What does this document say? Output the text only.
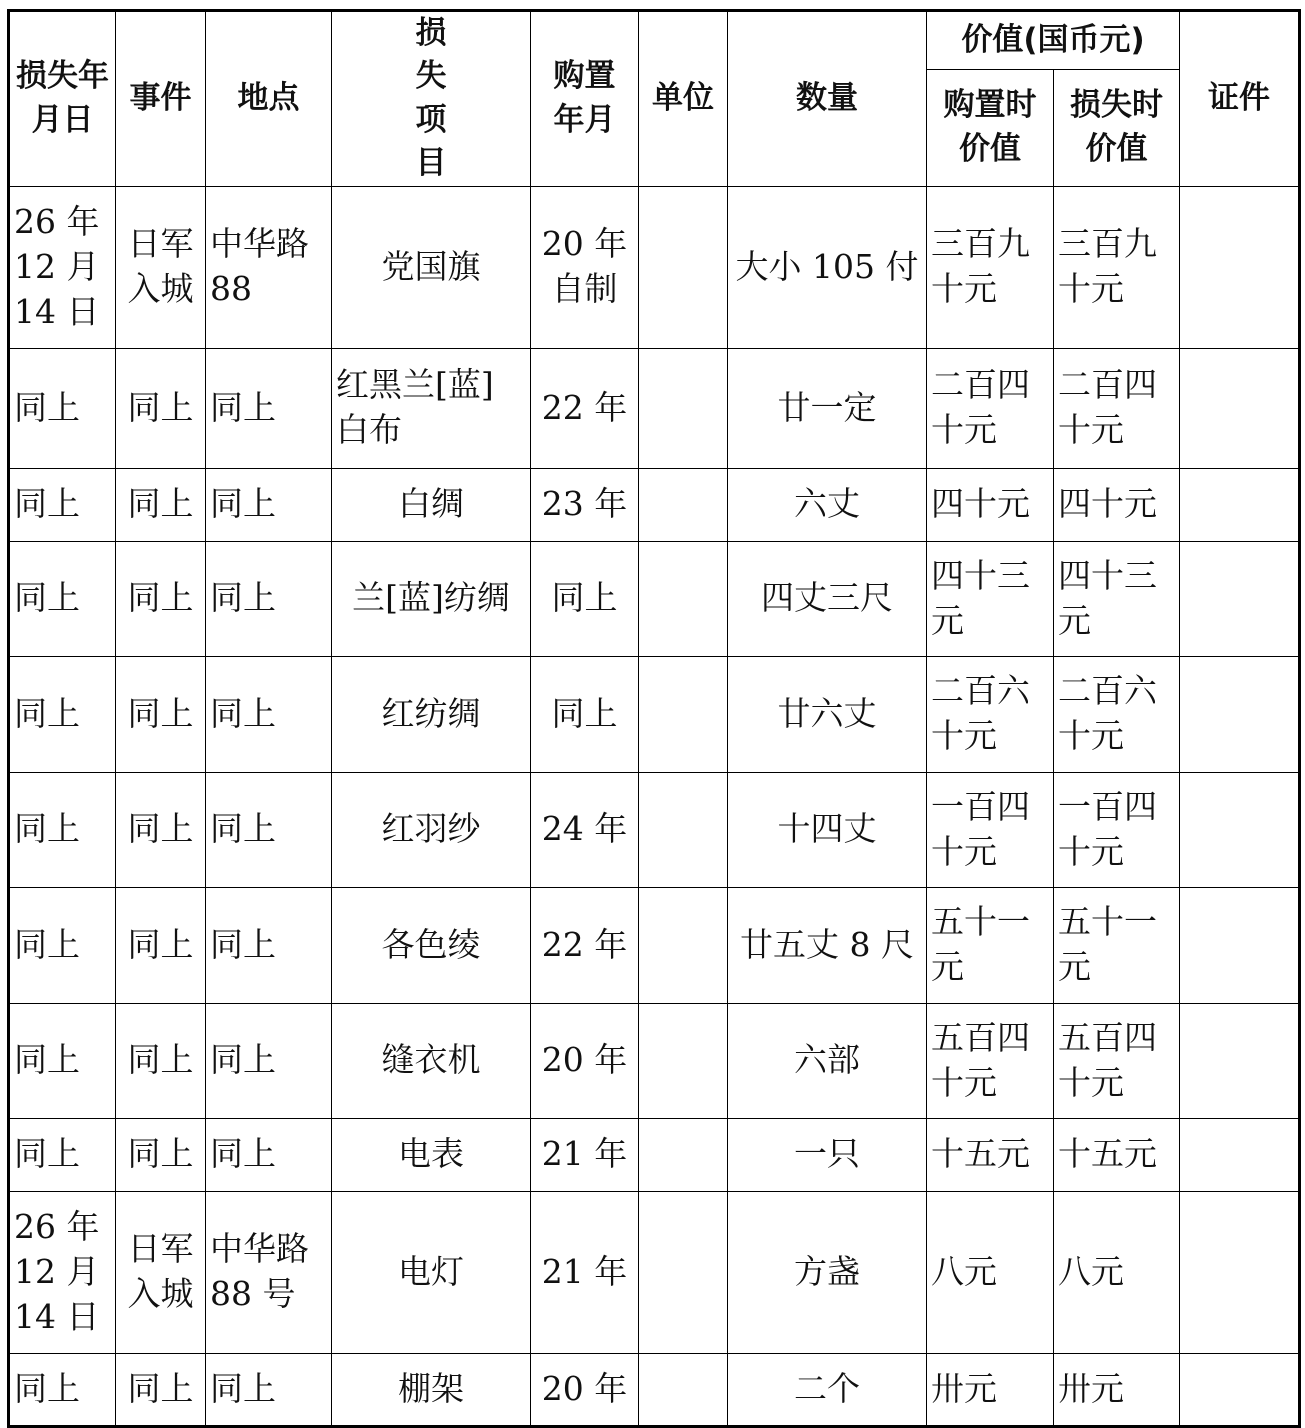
损失年月日	事件	地点	损失项目	购置年月	单位	数量	价值(国币元)		证件
							购置时价值	损失时价值	
26 年 12 月 14 日	日军入城	中华路88	党国旗	20 年自制		大小 105 付	三百九十元	三百九十元	
同上	同上	同上	红黑兰[蓝]白布	22 年		廿一定	二百四十元	二百四十元	
同上	同上	同上	白绸	23 年		六丈	四十元	四十元	
同上	同上	同上	兰[蓝]纺绸	同上		四丈三尺	四十三元	四十三元	
同上	同上	同上	红纺绸	同上		廿六丈	二百六十元	二百六十元	
同上	同上	同上	红羽纱	24 年		十四丈	一百四十元	一百四十元	
同上	同上	同上	各色绫	22 年		廿五丈 8 尺	五十一元	五十一元	
同上	同上	同上	缝衣机	20 年		六部	五百四十元	五百四十元	
同上	同上	同上	电表	21 年		一只	十五元	十五元	
26 年 12 月 14 日	日军入城	中华路88 号	电灯	21 年		方盏	八元	八元	
同上	同上	同上	棚架	20 年		二个	卅元	卅元	
